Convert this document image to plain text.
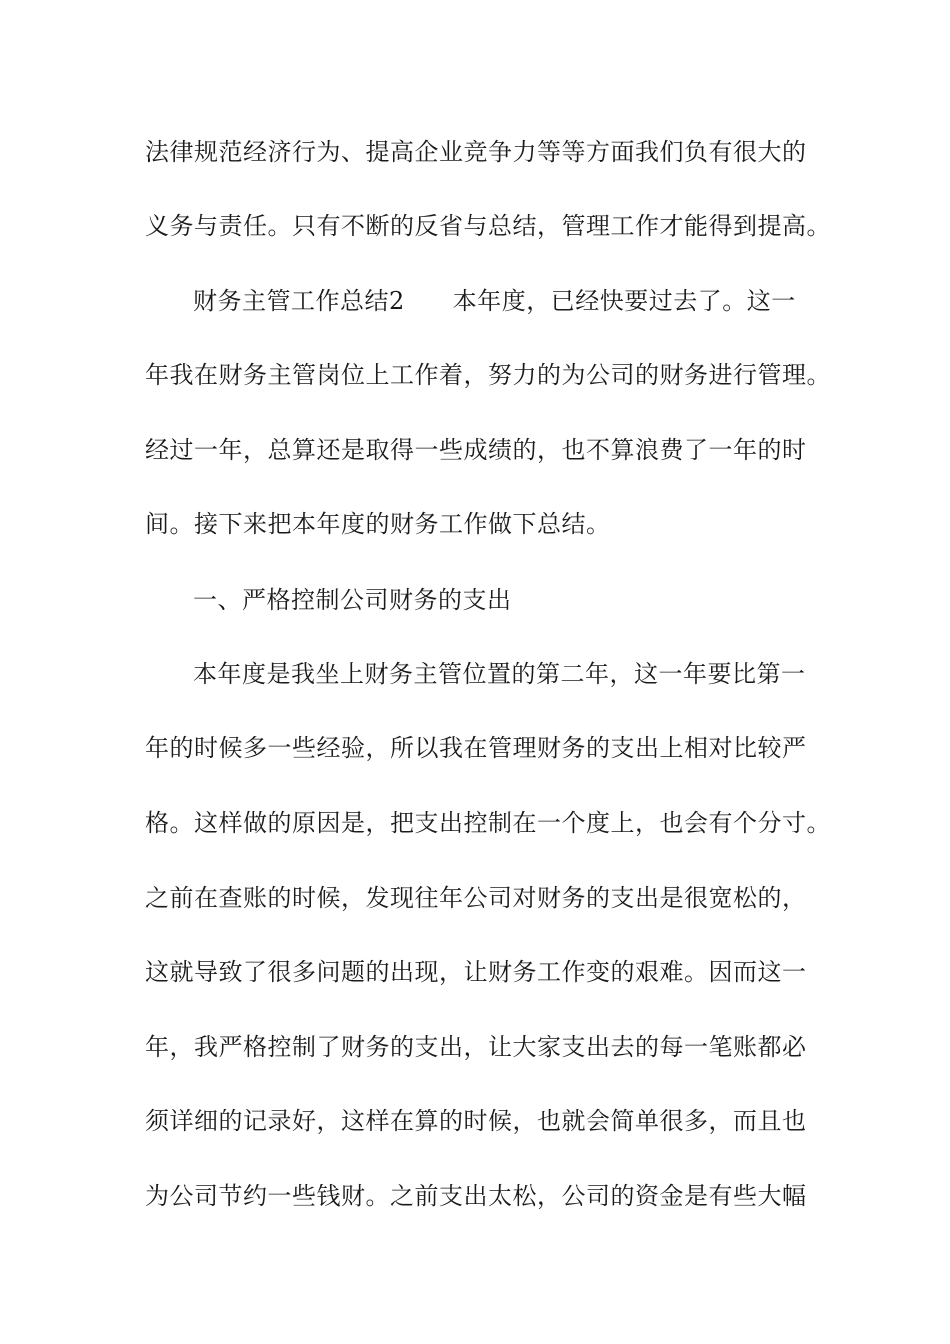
法律规范经济行为、提高企业竞争力等等方面我们负有很大的
义务与责任。只有不断的反省与总结，管理工作才能得到提高。
财务主管工作总结2 本年度，已经快要过去了。这一
年我在财务主管岗位上工作着，努力的为公司的财务进行管理。
经过一年，总算还是取得一些成绩的，也不算浪费了一年的时
间。接下来把本年度的财务工作做下总结。
一、严格控制公司财务的支出
本年度是我坐上财务主管位置的第二年，这一年要比第一
年的时候多一些经验，所以我在管理财务的支出上相对比较严
格。这样做的原因是，把支出控制在一个度上，也会有个分寸。
之前在查账的时候，发现往年公司对财务的支出是很宽松的，
这就导致了很多问题的出现，让财务工作变的艰难。因而这一
年，我严格控制了财务的支出，让大家支出去的每一笔账都必
须详细的记录好，这样在算的时候，也就会简单很多，而且也
为公司节约一些钱财。之前支出太松，公司的资金是有些大幅
